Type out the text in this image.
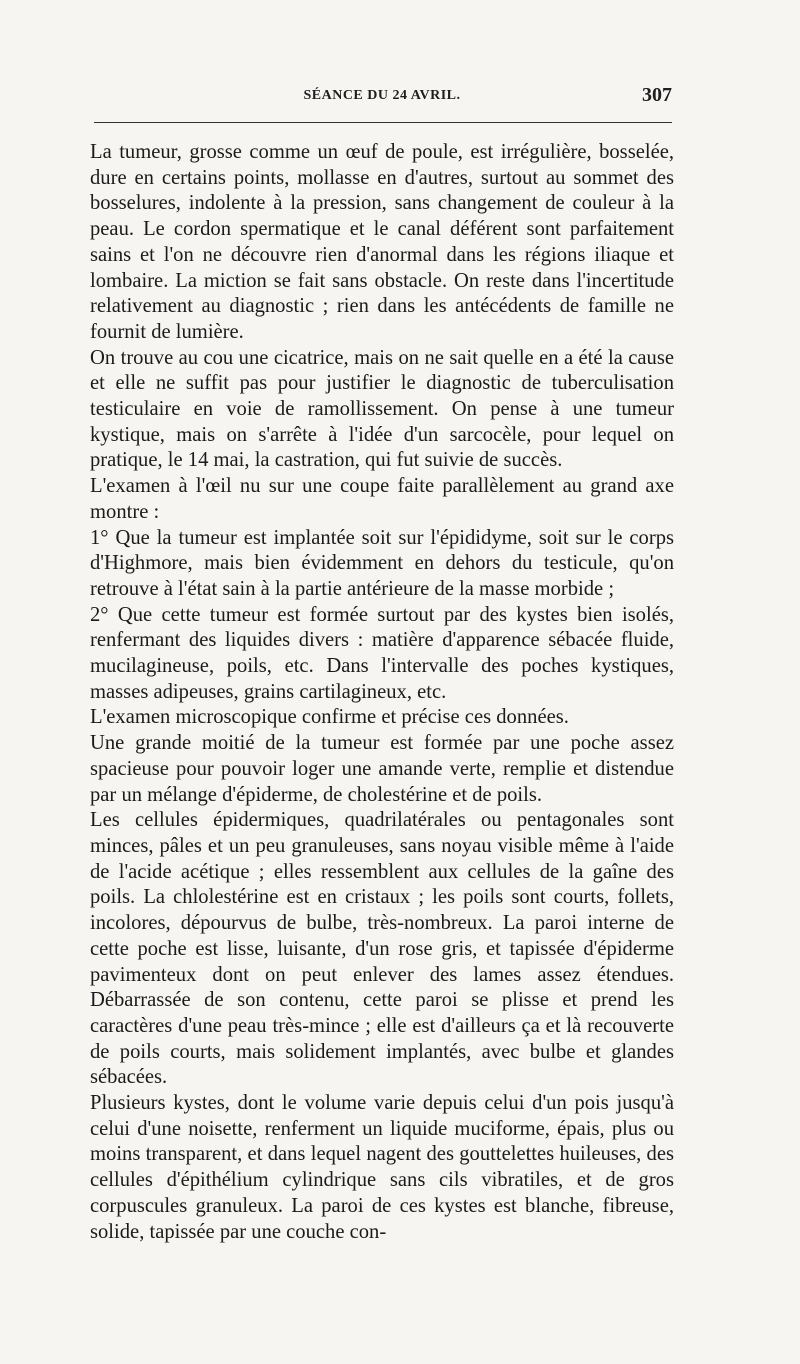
SÉANCE DU 24 AVRIL.	307

La tumeur, grosse comme un œuf de poule, est irrégulière, bosselée, dure en certains points, mollasse en d'autres, surtout au sommet des bosselures, indolente à la pression, sans changement de couleur à la peau. Le cordon spermatique et le canal déférent sont parfaitement sains et l'on ne découvre rien d'anormal dans les régions iliaque et lombaire. La miction se fait sans obstacle. On reste dans l'incertitude relativement au diagnostic ; rien dans les antécédents de famille ne fournit de lumière.

On trouve au cou une cicatrice, mais on ne sait quelle en a été la cause et elle ne suffit pas pour justifier le diagnostic de tuberculisation testiculaire en voie de ramollissement. On pense à une tumeur kystique, mais on s'arrête à l'idée d'un sarcocèle, pour lequel on pratique, le 14 mai, la castration, qui fut suivie de succès.

L'examen à l'œil nu sur une coupe faite parallèlement au grand axe montre :

1° Que la tumeur est implantée soit sur l'épididyme, soit sur le corps d'Highmore, mais bien évidemment en dehors du testicule, qu'on retrouve à l'état sain à la partie antérieure de la masse morbide ;

2° Que cette tumeur est formée surtout par des kystes bien isolés, renfermant des liquides divers : matière d'apparence sébacée fluide, mucilagineuse, poils, etc. Dans l'intervalle des poches kystiques, masses adipeuses, grains cartilagineux, etc.

L'examen microscopique confirme et précise ces données.

Une grande moitié de la tumeur est formée par une poche assez spacieuse pour pouvoir loger une amande verte, remplie et distendue par un mélange d'épiderme, de cholestérine et de poils.

Les cellules épidermiques, quadrilatérales ou pentagonales sont minces, pâles et un peu granuleuses, sans noyau visible même à l'aide de l'acide acétique ; elles ressemblent aux cellules de la gaîne des poils. La chlolestérine est en cristaux ; les poils sont courts, follets, incolores, dépourvus de bulbe, très-nombreux. La paroi interne de cette poche est lisse, luisante, d'un rose gris, et tapissée d'épiderme pavimenteux dont on peut enlever des lames assez étendues. Débarrassée de son contenu, cette paroi se plisse et prend les caractères d'une peau très-mince ; elle est d'ailleurs ça et là recouverte de poils courts, mais solidement implantés, avec bulbe et glandes sébacées.

Plusieurs kystes, dont le volume varie depuis celui d'un pois jusqu'à celui d'une noisette, renferment un liquide muciforme, épais, plus ou moins transparent, et dans lequel nagent des gouttelettes huileuses, des cellules d'épithélium cylindrique sans cils vibratiles, et de gros corpuscules granuleux. La paroi de ces kystes est blanche, fibreuse, solide, tapissée par une couche con-
